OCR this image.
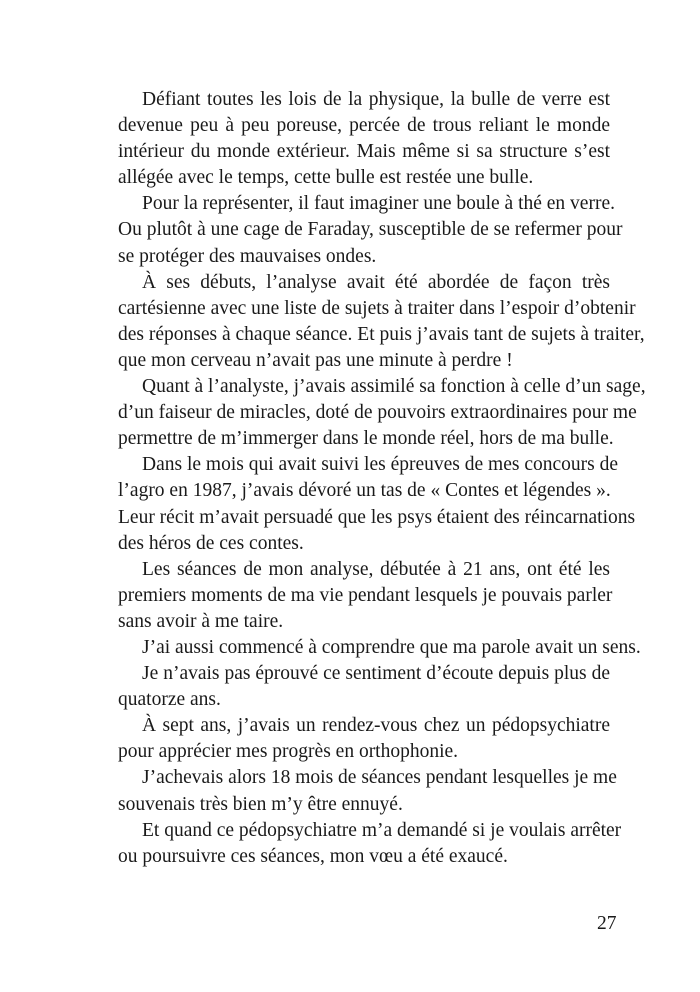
Défiant toutes les lois de la physique, la bulle de verre est
devenue peu à peu poreuse, percée de trous reliant le monde
intérieur du monde extérieur. Mais même si sa structure s’est
allégée avec le temps, cette bulle est restée une bulle.

Pour la représenter, il faut imaginer une boule à thé en verre.
Ou plutôt à une cage de Faraday, susceptible de se refermer pour
se protéger des mauvaises ondes.

À ses débuts, l’analyse avait été abordée de façon très
cartésienne avec une liste de sujets à traiter dans l’espoir d’obtenir
des réponses à chaque séance. Et puis j’avais tant de sujets à traiter,
que mon cerveau n’avait pas une minute à perdre !

Quant à l’analyste, j’avais assimilé sa fonction à celle d’un sage,
d’un faiseur de miracles, doté de pouvoirs extraordinaires pour me
permettre de m’immerger dans le monde réel, hors de ma bulle.

Dans le mois qui avait suivi les épreuves de mes concours de
l’agro en 1987, j’avais dévoré un tas de « Contes et légendes ».
Leur récit m’avait persuadé que les psys étaient des réincarnations
des héros de ces contes.

Les séances de mon analyse, débutée à 21 ans, ont été les
premiers moments de ma vie pendant lesquels je pouvais parler
sans avoir à me taire.

J’ai aussi commencé à comprendre que ma parole avait un sens.

Je n’avais pas éprouvé ce sentiment d’écoute depuis plus de
quatorze ans.

À sept ans, j’avais un rendez-vous chez un pédopsychiatre
pour apprécier mes progrès en orthophonie.

J’achevais alors 18 mois de séances pendant lesquelles je me
souvenais très bien m’y être ennuyé.

Et quand ce pédopsychiatre m’a demandé si je voulais arrêter
ou poursuivre ces séances, mon vœu a été exaucé.

27
